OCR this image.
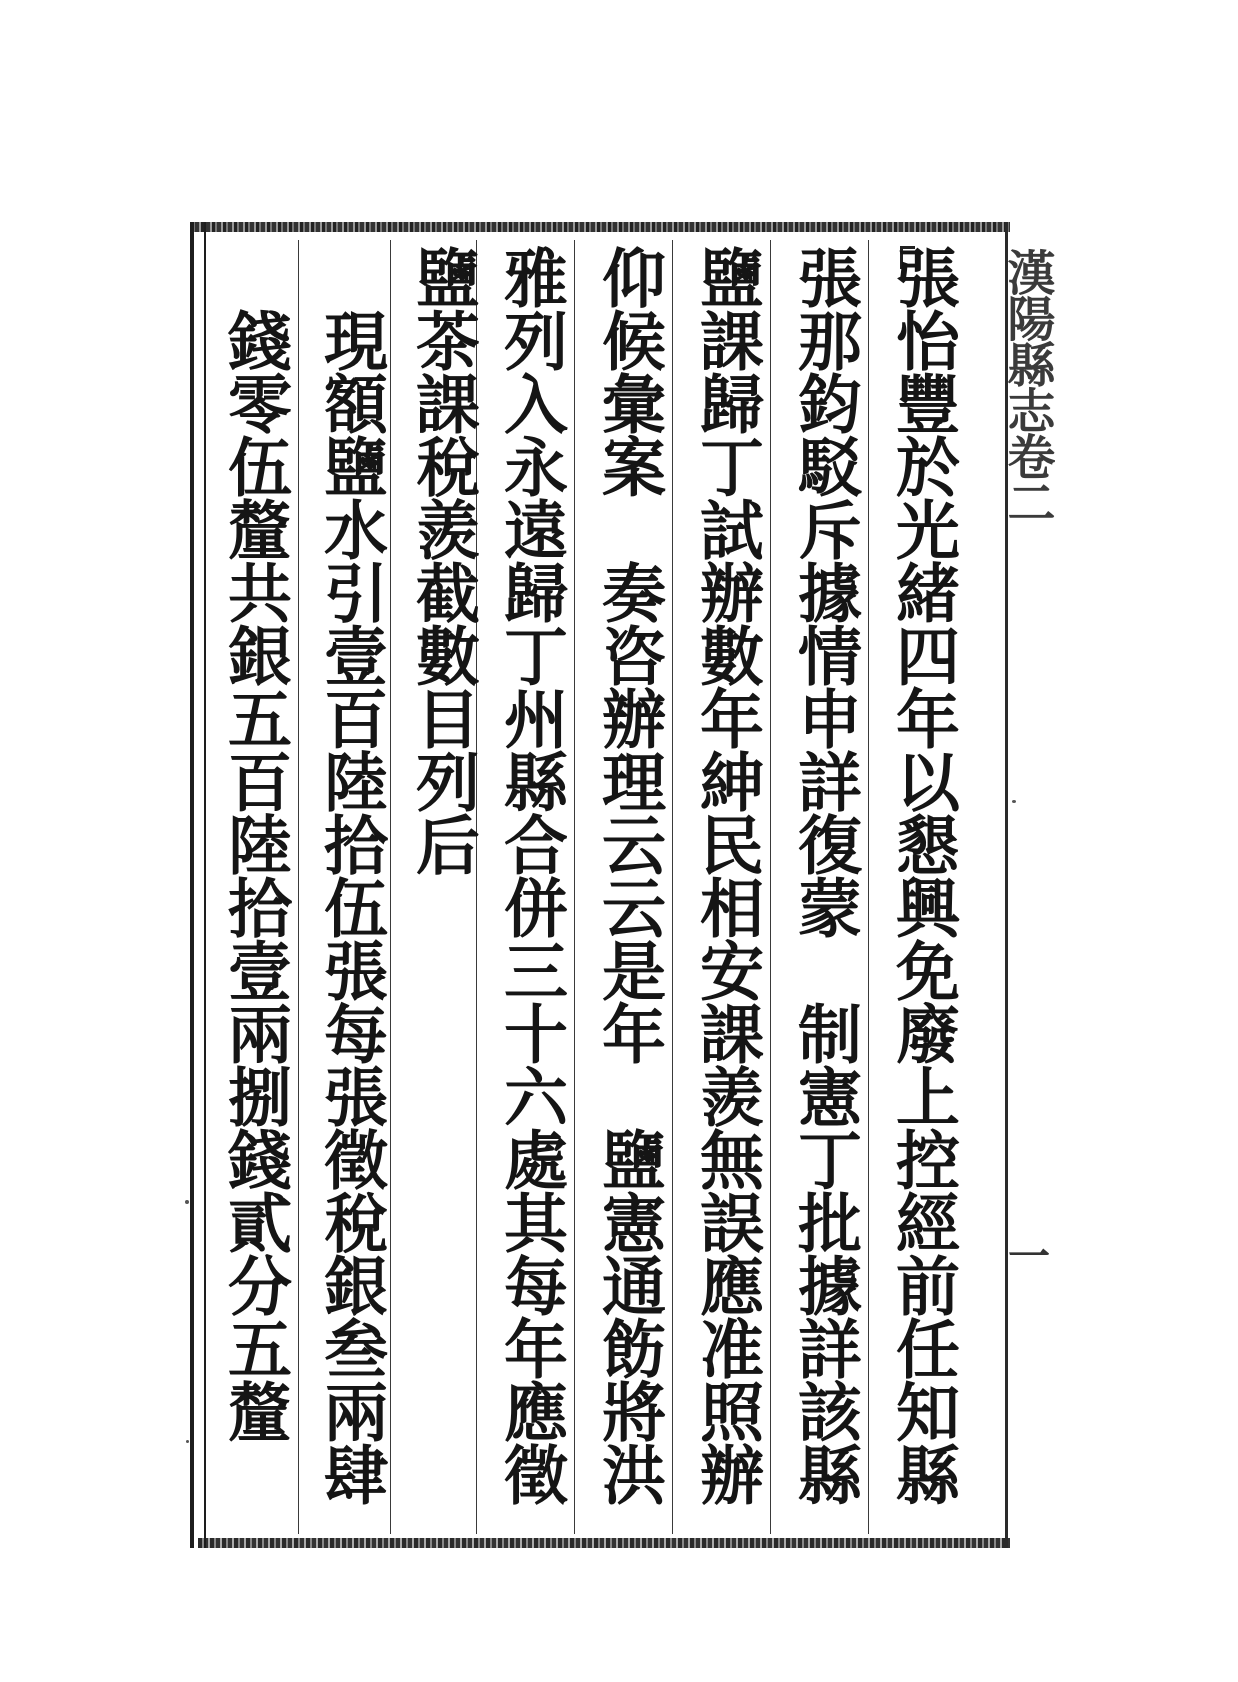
漢陽縣志卷二
一
張怡豐於光緒四年以懇興免廢上控經前任知縣
張那鈞駁斥據情申詳復蒙　制憲丁批據詳該縣
鹽課歸丁試辦數年紳民相安課羨無誤應准照辦
仰候彙案　奏咨辦理云云是年　鹽憲通飭將洪
雅列入永遠歸丁州縣合併三十六處其每年應徵
鹽茶課稅羨截數目列后
　現額鹽水引壹百陸拾伍張每張徵稅銀叁兩肆
　錢零伍釐共銀五百陸拾壹兩捌錢貳分五釐
